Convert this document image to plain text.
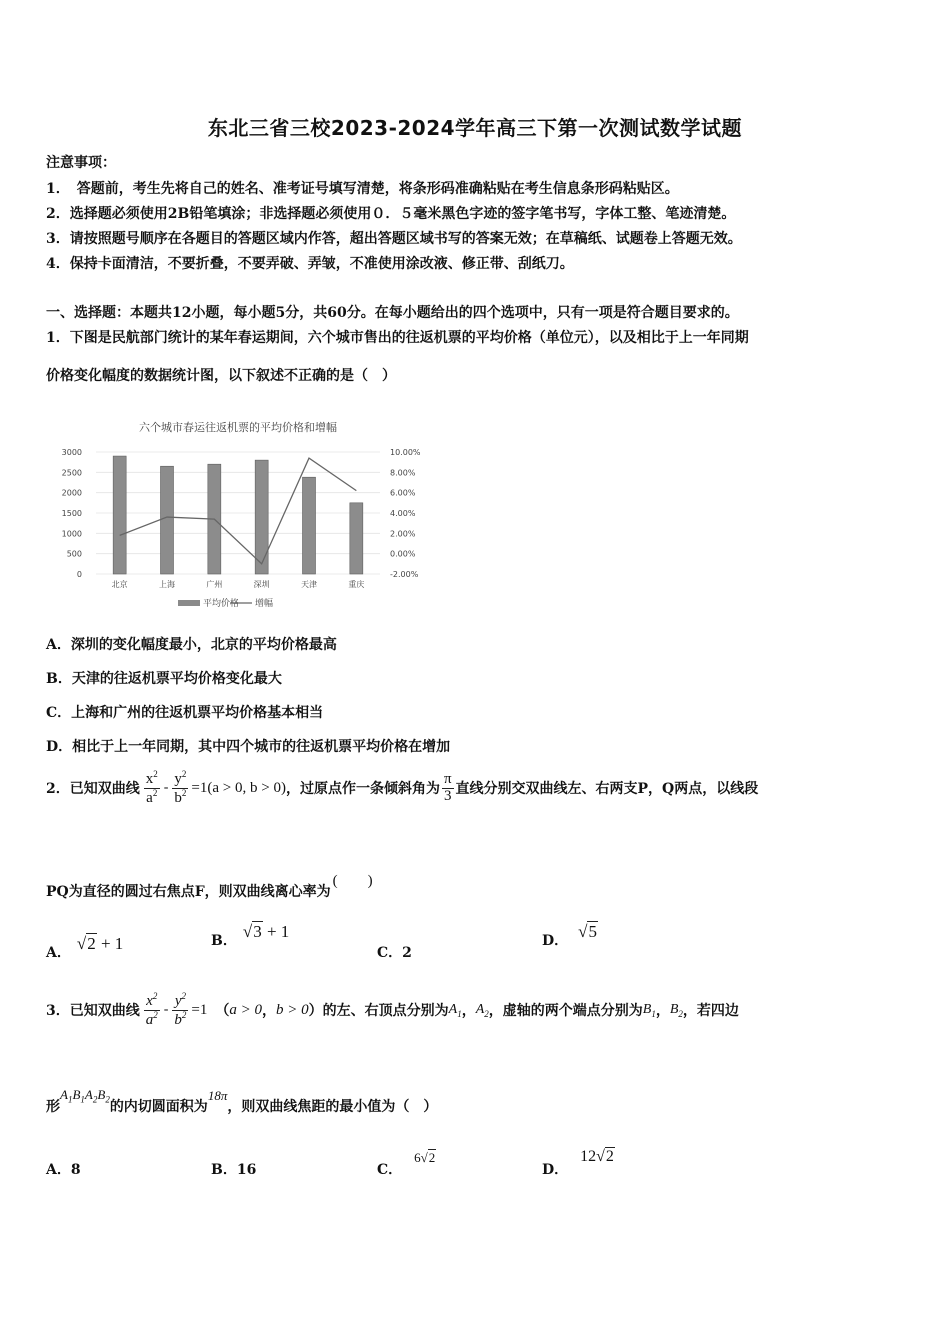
东北三省三校2023-2024学年高三下第一次测试数学试题
注意事项：
1．　答题前，考生先将自己的姓名、准考证号填写清楚，将条形码准确粘贴在考生信息条形码粘贴区。
2．选择题必须使用2B铅笔填涂；非选择题必须使用０．５毫米黑色字迹的签字笔书写，字体工整、笔迹清楚。
3．请按照题号顺序在各题目的答题区域内作答，超出答题区域书写的答案无效；在草稿纸、试题卷上答题无效。
4．保持卡面清洁，不要折叠，不要弄破、弄皱，不准使用涂改液、修正带、刮纸刀。
一、选择题：本题共12小题，每小题5分，共60分。在每小题给出的四个选项中，只有一项是符合题目要求的。
1．下图是民航部门统计的某年春运期间，六个城市售出的往返机票的平均价格（单位元），以及相比于上一年同期
价格变化幅度的数据统计图，以下叙述不正确的是（　）
六个城市春运往返机票的平均价格和增幅
0
500
1000
1500
2000
2500
3000
-2.00%
0.00%
2.00%
4.00%
6.00%
8.00%
10.00%
北京	上海	广州	深圳	天津	重庆
平均价格 增幅
A．深圳的变化幅度最小，北京的平均价格最高
B．天津的往返机票平均价格变化最大
C．上海和广州的往返机票平均价格基本相当
D．相比于上一年同期，其中四个城市的往返机票平均价格在增加
2．已知双曲线 $\frac{x^2}{a^2} - \frac{y^2}{b^2} =1(a > 0$, b > 0) ，过原点作一条倾斜角为 $\frac{\pi}{3}$ 直线分别交双曲线左、右两支P，Q两点，以线段
PQ为直径的圆过右焦点F，则双曲线离心率为
(　　)
A． √2 + 1	B． √3 + 1
C．2
D． √5
3．已知双曲线 $\frac{x^2}{a^2} - \frac{y^2}{b^2} =1$ （ a > 0 ， b > 0 ）的左、右顶点分别为 $A_1$ ， $A_2$ ，虚轴的两个端点分别为 $B_1$ ， $B_2$ ，若四边
形
$A_1B_1A_2B_2$ 的内切圆面积为
18π
，则双曲线焦距的最小值为（　）
A．8	B．16	C．
6√2
D．
12√2
